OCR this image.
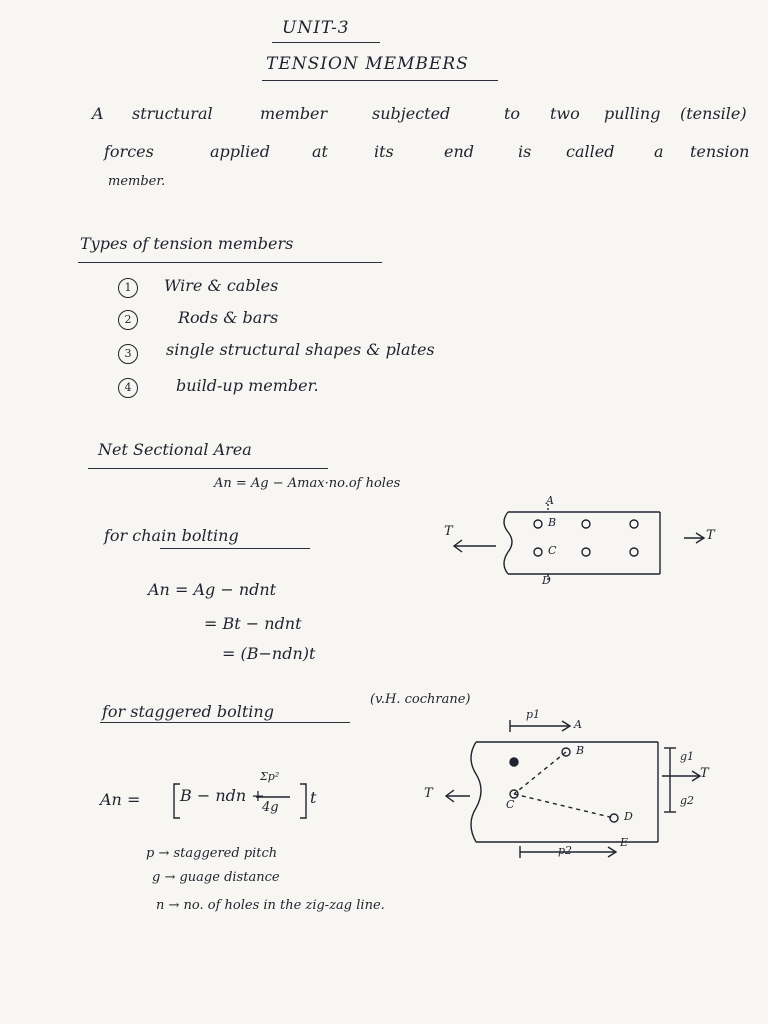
UNIT-3
TENSION MEMBERS
A structural	member	subjected	to two pulling (tensile)
forces	applied	at	its	end	is called a tension
member.
Types of tension members
1	Wire & cables
2	Rods & bars
3	single structural shapes & plates
4	build-up member.
Net Sectional Area
An = Ag − Amax·no.of holes
for chain bolting
An = Ag − ndnt
= Bt − ndnt
= (B−ndn)t
T	T
A
B
C
D
for staggered bolting
(v.H. cochrane)
An = B − ndn +
Σp²
4g
t	T
T
p1
p2
g1
g2
A
B
C
D
E
p → staggered pitch
g → guage distance
n → no. of holes in the zig-zag line.
